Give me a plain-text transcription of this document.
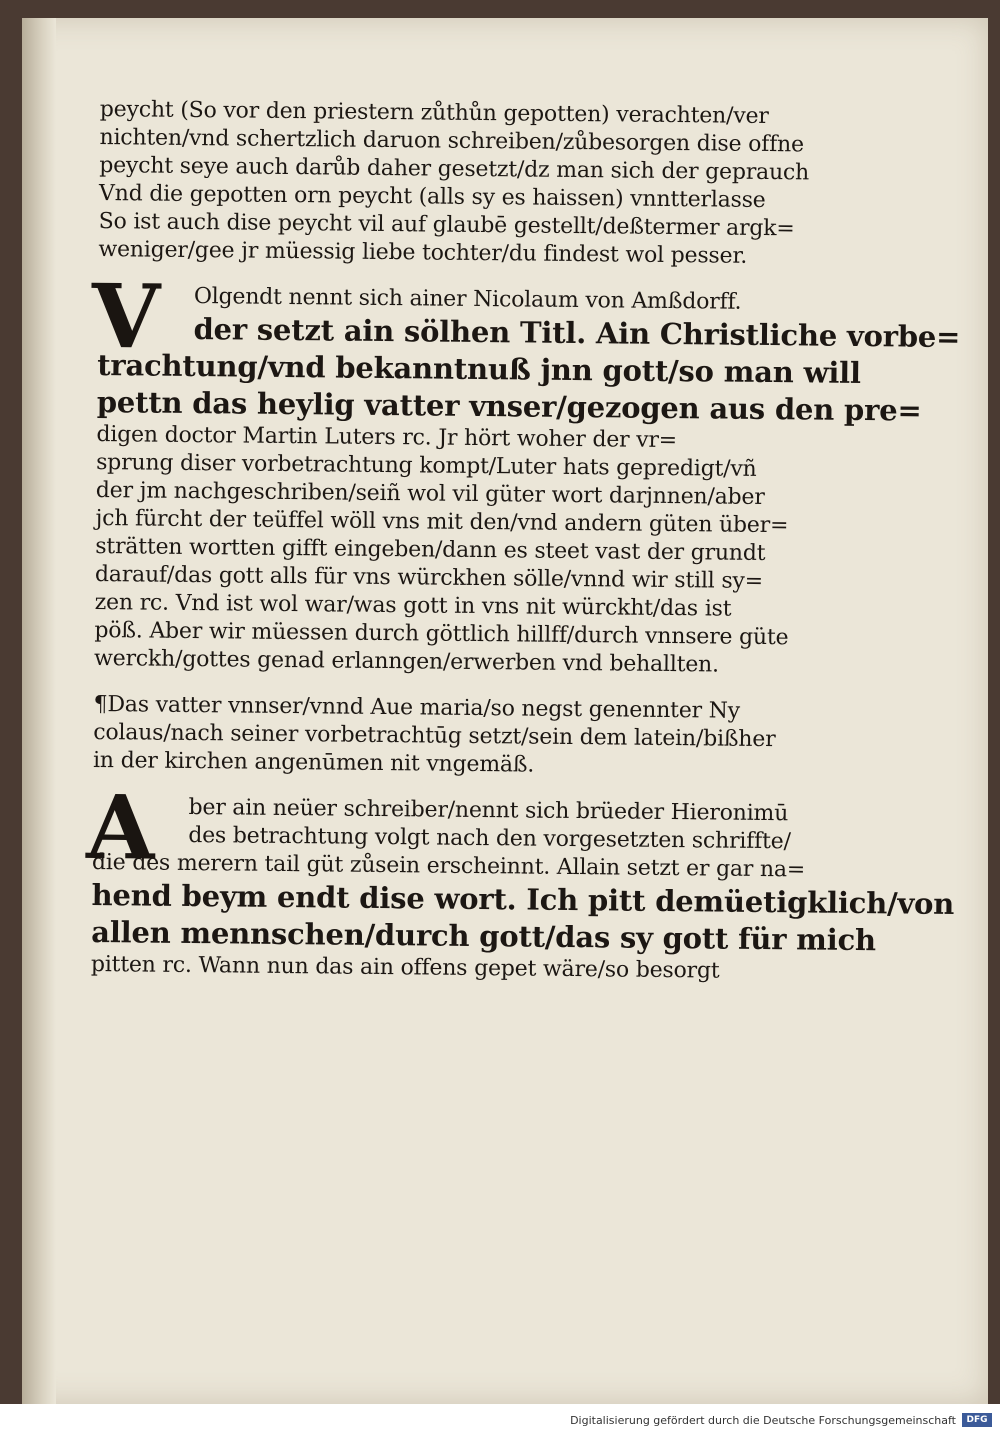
peycht (So vor den priestern zůthůn gepotten) verachten/ver
nichten/vnd schertzlich daruon schreiben/zůbesorgen dise offne
peycht seye auch darůb daher gesetzt/dz man sich der geprauch
Vnd die gepotten orn peycht (alls sy es haissen) vnntterlasse
So ist auch dise peycht vil auf glaubē gestellt/deßtermer argk=
weniger/gee jr müessig liebe tochter/du findest wol pesser.
V	Olgendt nennt sich ainer Nicolaum von Amßdorff.
der setzt ain sölhen Titl. Ain Christliche vorbe=
trachtung/vnd bekanntnuß jnn gott/so man will
pettn das heylig vatter vnser/gezogen aus den pre=
digen doctor Martin Luters rc. Jr hört woher der vr=
sprung diser vorbetrachtung kompt/Luter hats gepredigt/vñ
der jm nachgeschriben/seiñ wol vil güter wort darjnnen/aber
jch fürcht der teüffel wöll vns mit den/vnd andern güten über=
strätten wortten gifft eingeben/dann es steet vast der grundt
darauf/das gott alls für vns würckhen sölle/vnnd wir still sy=
zen rc. Vnd ist wol war/was gott in vns nit würckht/das ist
pöß. Aber wir müessen durch göttlich hillff/durch vnnsere güte
werckh/gottes genad erlanngen/erwerben vnd behallten.
¶Das vatter vnnser/vnnd Aue maria/so negst genennter Ny
colaus/nach seiner vorbetrachtūg setzt/sein dem latein/bißher
in der kirchen angenūmen nit vngemäß.
A	ber ain neüer schreiber/nennt sich brüeder Hieronimū
des betrachtung volgt nach den vorgesetzten schriffte/
die des merern tail güt zůsein erscheinnt. Allain setzt er gar na=
hend beym endt dise wort. Ich pitt demüetigklich/von
allen mennschen/durch gott/das sy gott für mich
pitten rc. Wann nun das ain offens gepet wäre/so besorgt
Digitalisierung gefördert durch die Deutsche Forschungsgemeinschaft	DFG
